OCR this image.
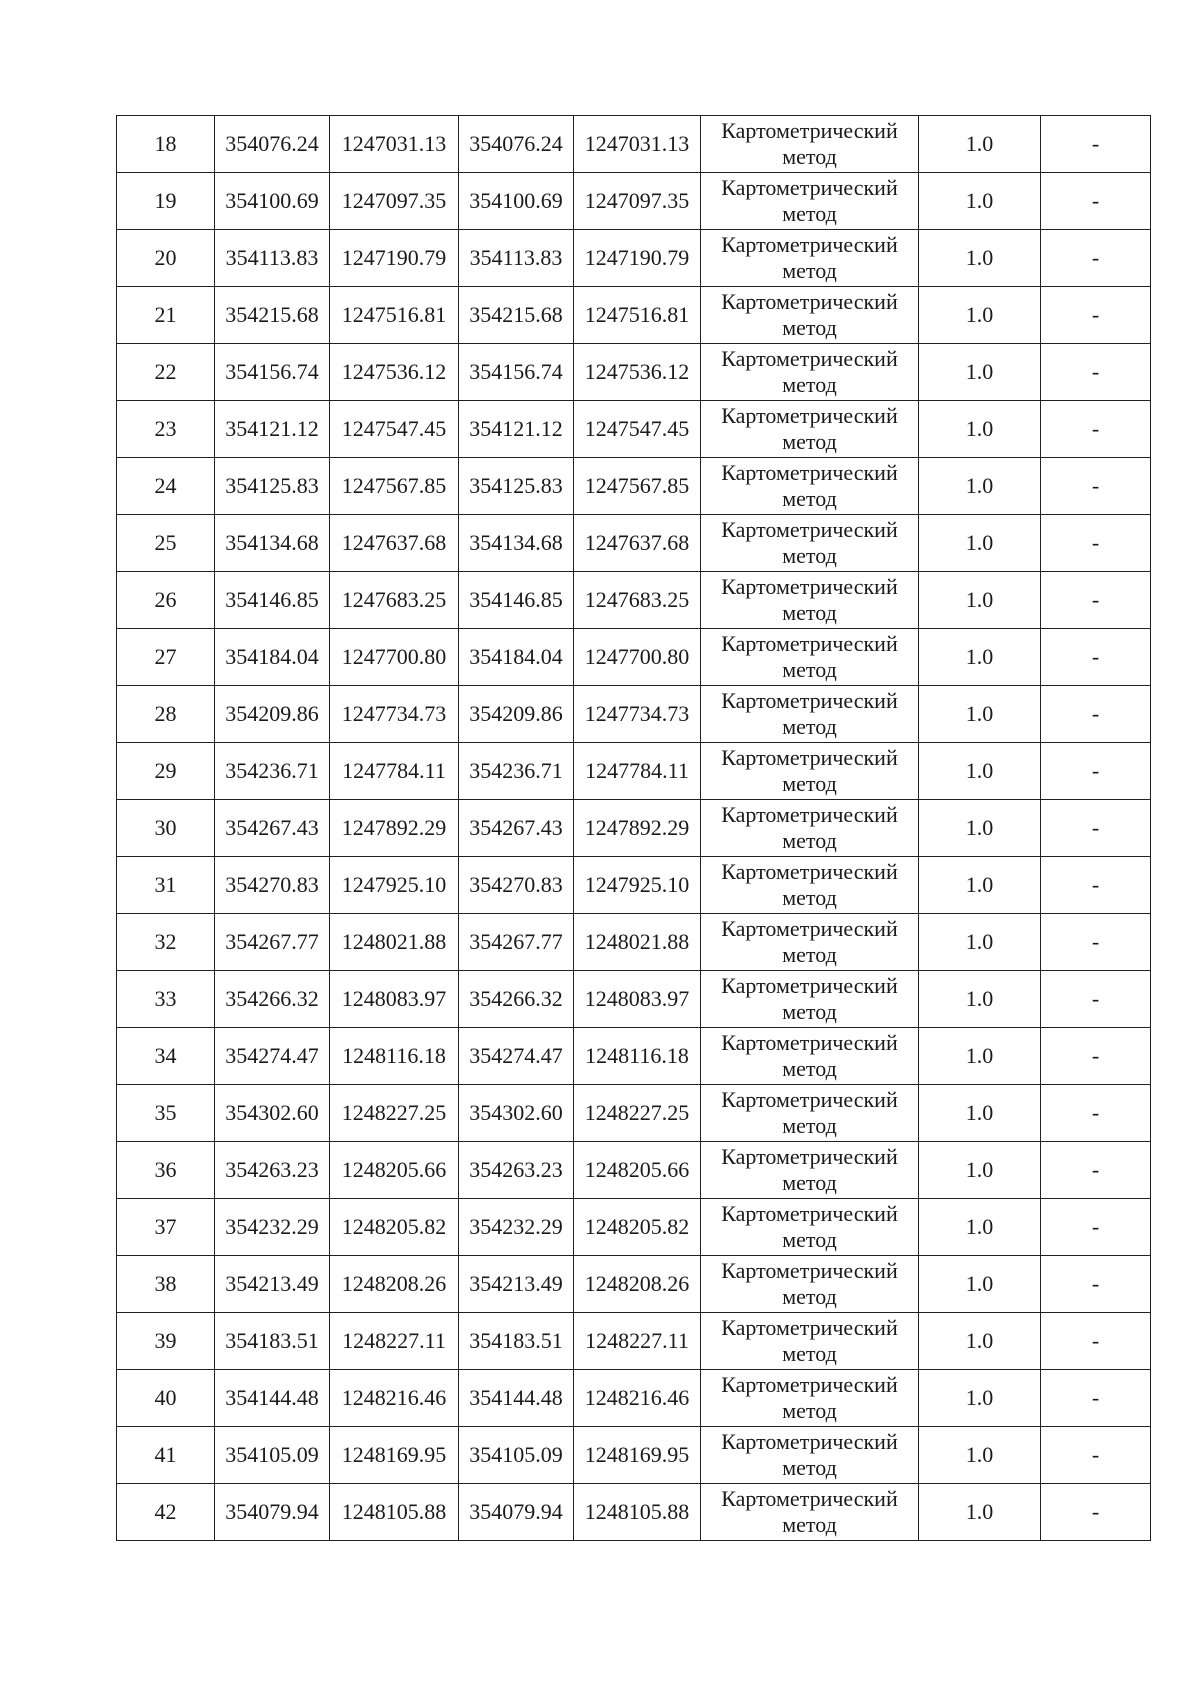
18	354076.24	1247031.13	354076.24	1247031.13	Картометрический
метод	1.0	-
19	354100.69	1247097.35	354100.69	1247097.35	Картометрический
метод	1.0	-
20	354113.83	1247190.79	354113.83	1247190.79	Картометрический
метод	1.0	-
21	354215.68	1247516.81	354215.68	1247516.81	Картометрический
метод	1.0	-
22	354156.74	1247536.12	354156.74	1247536.12	Картометрический
метод	1.0	-
23	354121.12	1247547.45	354121.12	1247547.45	Картометрический
метод	1.0	-
24	354125.83	1247567.85	354125.83	1247567.85	Картометрический
метод	1.0	-
25	354134.68	1247637.68	354134.68	1247637.68	Картометрический
метод	1.0	-
26	354146.85	1247683.25	354146.85	1247683.25	Картометрический
метод	1.0	-
27	354184.04	1247700.80	354184.04	1247700.80	Картометрический
метод	1.0	-
28	354209.86	1247734.73	354209.86	1247734.73	Картометрический
метод	1.0	-
29	354236.71	1247784.11	354236.71	1247784.11	Картометрический
метод	1.0	-
30	354267.43	1247892.29	354267.43	1247892.29	Картометрический
метод	1.0	-
31	354270.83	1247925.10	354270.83	1247925.10	Картометрический
метод	1.0	-
32	354267.77	1248021.88	354267.77	1248021.88	Картометрический
метод	1.0	-
33	354266.32	1248083.97	354266.32	1248083.97	Картометрический
метод	1.0	-
34	354274.47	1248116.18	354274.47	1248116.18	Картометрический
метод	1.0	-
35	354302.60	1248227.25	354302.60	1248227.25	Картометрический
метод	1.0	-
36	354263.23	1248205.66	354263.23	1248205.66	Картометрический
метод	1.0	-
37	354232.29	1248205.82	354232.29	1248205.82	Картометрический
метод	1.0	-
38	354213.49	1248208.26	354213.49	1248208.26	Картометрический
метод	1.0	-
39	354183.51	1248227.11	354183.51	1248227.11	Картометрический
метод	1.0	-
40	354144.48	1248216.46	354144.48	1248216.46	Картометрический
метод	1.0	-
41	354105.09	1248169.95	354105.09	1248169.95	Картометрический
метод	1.0	-
42	354079.94	1248105.88	354079.94	1248105.88	Картометрический
метод	1.0	-
